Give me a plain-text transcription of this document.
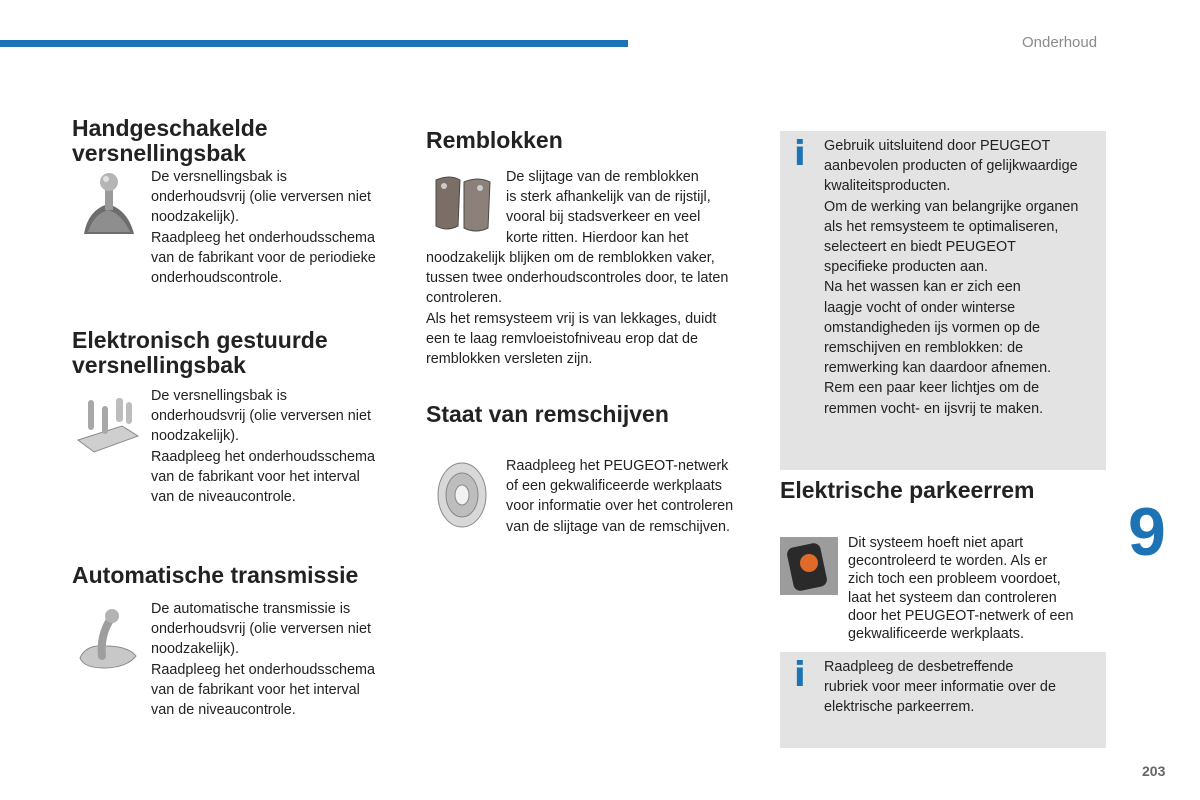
Onderhoud
9
203
Handgeschakelde
versnellingsbak
De versnellingsbak is
onderhoudsvrij (olie verversen niet
noodzakelijk).
Raadpleeg het onderhoudsschema
van de fabrikant voor de periodieke
onderhoudscontrole.
Elektronisch gestuurde
versnellingsbak
De versnellingsbak is
onderhoudsvrij (olie verversen niet
noodzakelijk).
Raadpleeg het onderhoudsschema
van de fabrikant voor het interval
van de niveaucontrole.
Automatische transmissie
De automatische transmissie is
onderhoudsvrij (olie verversen niet
noodzakelijk).
Raadpleeg het onderhoudsschema
van de fabrikant voor het interval
van de niveaucontrole.
Remblokken
De slijtage van de remblokken
is sterk afhankelijk van de rijstijl,
vooral bij stadsverkeer en veel
korte ritten. Hierdoor kan het
noodzakelijk blijken om de remblokken vaker,
tussen twee onderhoudscontroles door, te laten
controleren.
Als het remsysteem vrij is van lekkages, duidt
een te laag remvloeistofniveau erop dat de
remblokken versleten zijn.
Staat van remschijven
Raadpleeg het PEUGEOT-netwerk
of een gekwalificeerde werkplaats
voor informatie over het controleren
van de slijtage van de remschijven.
i Gebruik uitsluitend door PEUGEOT
aanbevolen producten of gelijkwaardige
kwaliteitsproducten.
Om de werking van belangrijke organen
als het remsysteem te optimaliseren,
selecteert en biedt PEUGEOT
specifieke producten aan.
Na het wassen kan er zich een
laagje vocht of onder winterse
omstandigheden ijs vormen op de
remschijven en remblokken: de
remwerking kan daardoor afnemen.
Rem een paar keer lichtjes om de
remmen vocht- en ijsvrij te maken.
Elektrische parkeerrem
Dit systeem hoeft niet apart
gecontroleerd te worden. Als er
zich toch een probleem voordoet,
laat het systeem dan controleren
door het PEUGEOT-netwerk of een
gekwalificeerde werkplaats.
i Raadpleeg de desbetreffende
rubriek voor meer informatie over de
elektrische parkeerrem.
